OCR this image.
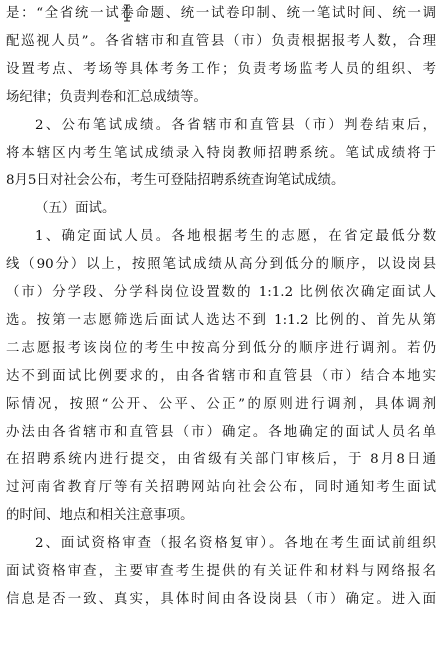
是：“全省统一试卷命题、统一试卷印制、统一笔试时间、统一调
配巡视人员”。各省辖市和直管县（市）负责根据报考人数，合理
设置考点、考场等具体考务工作；负责考场监考人员的组织、考
场纪律；负责判卷和汇总成绩等。
2、公布笔试成绩。各省辖市和直管县（市）判卷结束后，
将本辖区内考生笔试成绩录入特岗教师招聘系统。笔试成绩将于
8月5日对社会公布，考生可登陆招聘系统查询笔试成绩。
（五）面试。
1、确定面试人员。各地根据考生的志愿，在省定最低分数
线（90分）以上，按照笔试成绩从高分到低分的顺序，以设岗县
（市）分学段、分学科岗位设置数的 1:1.2 比例依次确定面试人
选。按第一志愿筛选后面试人选达不到 1:1.2 比例的、首先从第
二志愿报考该岗位的考生中按高分到低分的顺序进行调剂。若仍
达不到面试比例要求的，由各省辖市和直管县（市）结合本地实
际情况，按照“公开、公平、公正”的原则进行调剂，具体调剂
办法由各省辖市和直管县（市）确定。各地确定的面试人员名单
在招聘系统内进行提交，由省级有关部门审核后，于 8月8日通
过河南省教育厅等有关招聘网站向社会公布，同时通知考生面试
的时间、地点和相关注意事项。
2、面试资格审查（报名资格复审）。各地在考生面试前组织
面试资格审查，主要审查考生提供的有关证件和材料与网络报名
信息是否一致、真实，具体时间由各设岗县（市）确定。进入面
